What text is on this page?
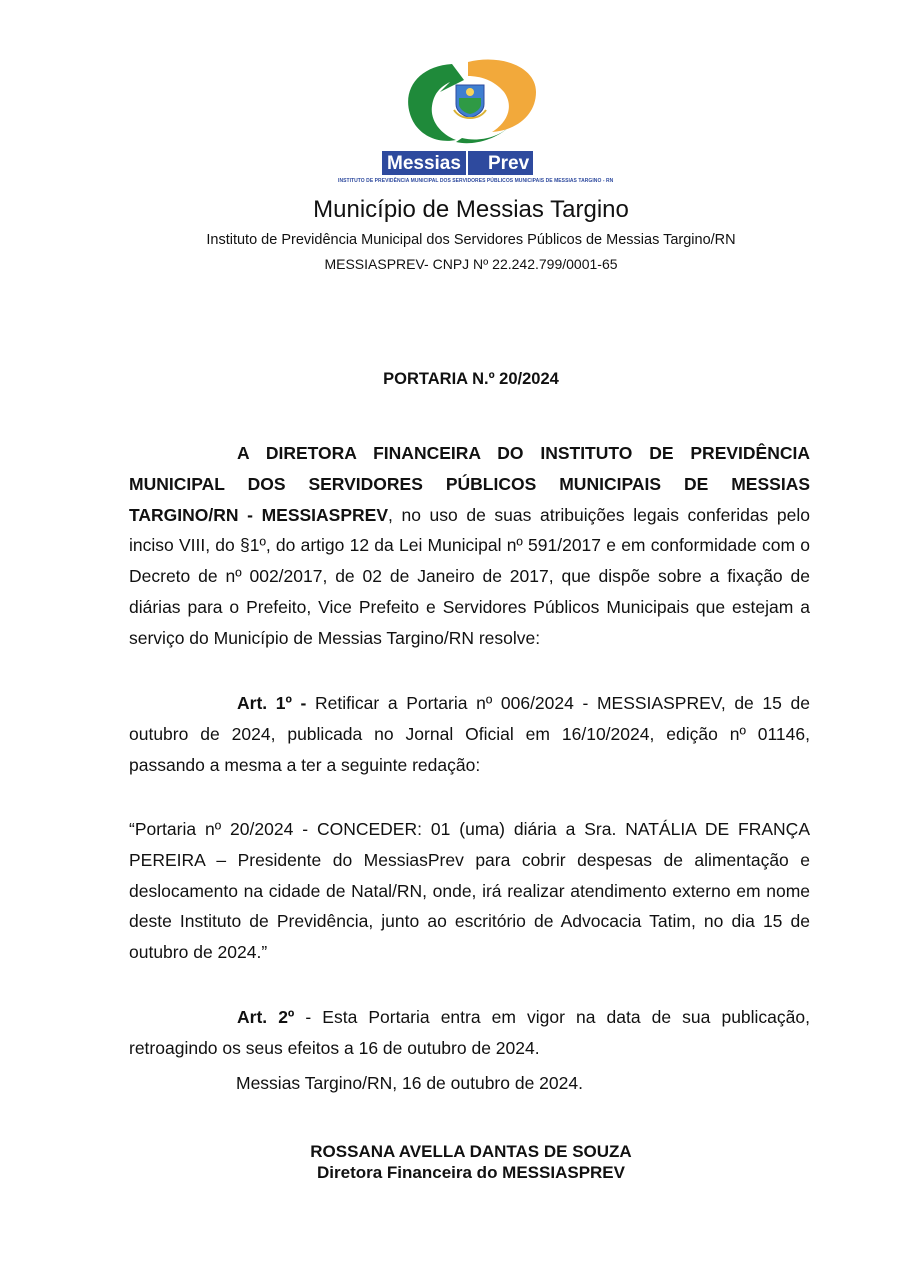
Messias	Prev
INSTITUTO DE PREVIDÊNCIA MUNICIPAL DOS SERVIDORES PÚBLICOS MUNICIPAIS DE MESSIAS TARGINO - RN
Município de Messias Targino
Instituto de Previdência Municipal dos Servidores Públicos de Messias Targino/RN
MESSIASPREV- CNPJ Nº 22.242.799/0001-65
PORTARIA N.º 20/2024
A DIRETORA FINANCEIRA DO INSTITUTO DE PREVIDÊNCIA MUNICIPAL DOS SERVIDORES PÚBLICOS MUNICIPAIS DE MESSIAS TARGINO/RN - MESSIASPREV, no uso de suas atribuições legais conferidas pelo inciso VIII, do §1º, do artigo 12 da Lei Municipal nº 591/2017 e em conformidade com o Decreto de nº 002/2017, de 02 de Janeiro de 2017, que dispõe sobre a fixação de diárias para o Prefeito, Vice Prefeito e Servidores Públicos Municipais que estejam a serviço do Município de Messias Targino/RN resolve:
Art. 1º - Retificar a Portaria nº 006/2024 - MESSIASPREV, de 15 de outubro de 2024, publicada no Jornal Oficial em 16/10/2024, edição nº 01146, passando a mesma a ter a seguinte redação:
“Portaria nº 20/2024 - CONCEDER: 01 (uma) diária a Sra. NATÁLIA DE FRANÇA PEREIRA – Presidente do MessiasPrev para cobrir despesas de alimentação e deslocamento na cidade de Natal/RN, onde, irá realizar atendimento externo em nome deste Instituto de Previdência, junto ao escritório de Advocacia Tatim, no dia 15 de outubro de 2024.”
Art. 2º - Esta Portaria entra em vigor na data de sua publicação, retroagindo os seus efeitos a 16 de outubro de 2024.
Messias Targino/RN, 16 de outubro de 2024.
ROSSANA AVELLA DANTAS DE SOUZA
Diretora Financeira do MESSIASPREV
